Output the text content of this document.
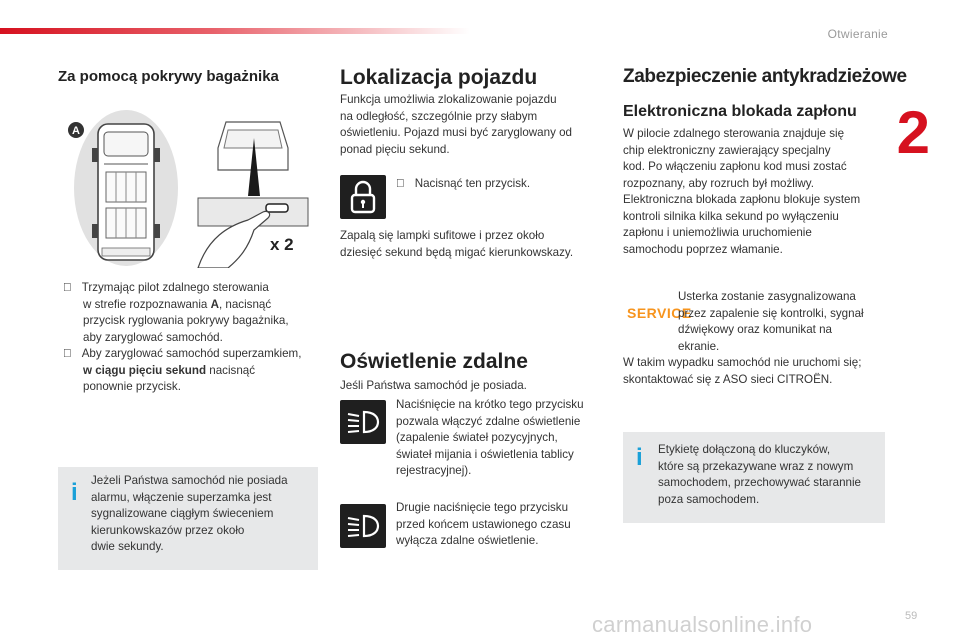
Otwieranie
2
Za pomocą pokrywy bagażnika
A
x 2
Trzymając pilot zdalnego sterowania
w strefie rozpoznawania A, nacisnąć
przycisk ryglowania pokrywy bagażnika,
aby zaryglować samochód.
Aby zaryglować samochód superzamkiem,
w ciągu pięciu sekund nacisnąć
ponownie przycisk.
i Jeżeli Państwa samochód nie posiada
alarmu, włączenie superzamka jest
sygnalizowane ciągłym świeceniem
kierunkowskazów przez około
dwie sekundy.
Lokalizacja pojazdu
Funkcja umożliwia zlokalizowanie pojazdu
na odległość, szczególnie przy słabym
oświetleniu. Pojazd musi być zaryglowany od
ponad pięciu sekund.
Nacisnąć ten przycisk.
Zapalą się lampki sufitowe i przez około
dziesięć sekund będą migać kierunkowskazy.
Oświetlenie zdalne
Jeśli Państwa samochód je posiada.
Naciśnięcie na krótko tego przycisku
pozwala włączyć zdalne oświetlenie
(zapalenie świateł pozycyjnych,
świateł mijania i oświetlenia tablicy
rejestracyjnej).
Drugie naciśnięcie tego przycisku
przed końcem ustawionego czasu
wyłącza zdalne oświetlenie.
Zabezpieczenie antykradzieżowe
Elektroniczna blokada zapłonu
W pilocie zdalnego sterowania znajduje się
chip elektroniczny zawierający specjalny
kod. Po włączeniu zapłonu kod musi zostać
rozpoznany, aby rozruch był możliwy.
Elektroniczna blokada zapłonu blokuje system
kontroli silnika kilka sekund po wyłączeniu
zapłonu i uniemożliwia uruchomienie
samochodu poprzez włamanie.
SERVICE
Usterka zostanie zasygnalizowana
przez zapalenie się kontrolki, sygnał
dźwiękowy oraz komunikat na
ekranie.
W takim wypadku samochód nie uruchomi się;
skontaktować się z ASO sieci CITROËN.
i Etykietę dołączoną do kluczyków,
które są przekazywane wraz z nowym
samochodem, przechowywać starannie
poza samochodem.
carmanualsonline.info	59
